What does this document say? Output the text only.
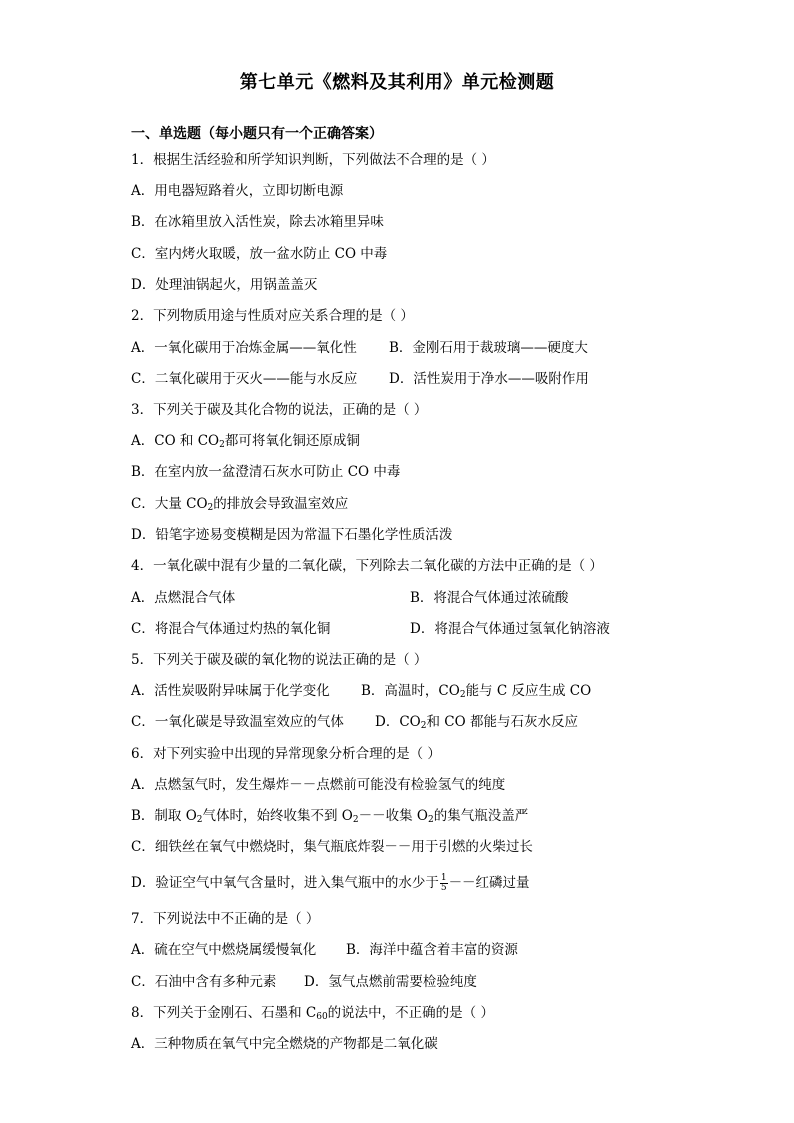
第七单元《燃料及其利用》单元检测题
一、单选题（每小题只有一个正确答案）
1．根据生活经验和所学知识判断，下列做法不合理的是（ ）
A．用电器短路着火，立即切断电源
B．在冰箱里放入活性炭，除去冰箱里异味
C．室内烤火取暖，放一盆水防止 CO 中毒
D．处理油锅起火，用锅盖盖灭
2．下列物质用途与性质对应关系合理的是（ ）
A．一氧化碳用于冶炼金属——氧化性 B．金刚石用于裁玻璃——硬度大
C．二氧化碳用于灭火——能与水反应 D．活性炭用于净水——吸附作用
3．下列关于碳及其化合物的说法，正确的是（ ）
A．CO 和 $CO_2$都可将氧化铜还原成铜
B．在室内放一盆澄清石灰水可防止 CO 中毒
C．大量 $CO_2$的排放会导致温室效应
D．铅笔字迹易变模糊是因为常温下石墨化学性质活泼
4．一氧化碳中混有少量的二氧化碳，下列除去二氧化碳的方法中正确的是（ ）
A．点燃混合气体	B．将混合气体通过浓硫酸
C．将混合气体通过灼热的氧化铜	D．将混合气体通过氢氧化钠溶液
5．下列关于碳及碳的氧化物的说法正确的是（ ）
A．活性炭吸附异味属于化学变化 B．高温时，$CO_2$能与 C 反应生成 CO
C．一氧化碳是导致温室效应的气体 D．$CO_2$和 CO 都能与石灰水反应
6．对下列实验中出现的异常现象分析合理的是（ ）
A．点燃氢气时，发生爆炸－－点燃前可能没有检验氢气的纯度
B．制取 $O_2$气体时，始终收集不到 $O_2--$收集 $O_2$的集气瓶没盖严
C．细铁丝在氧气中燃烧时，集气瓶底炸裂－－用于引燃的火柴过长
D．验证空气中氧气含量时，进入集气瓶中的水少于 $\frac{1}{5}$ －－红磷过量
7．下列说法中不正确的是（ ）
A．硫在空气中燃烧属缓慢氧化 B．海洋中蕴含着丰富的资源
C．石油中含有多种元素 D．氢气点燃前需要检验纯度
8．下列关于金刚石、石墨和 $C_{60}$的说法中，不正确的是（ ）
A．三种物质在氧气中完全燃烧的产物都是二氧化碳
